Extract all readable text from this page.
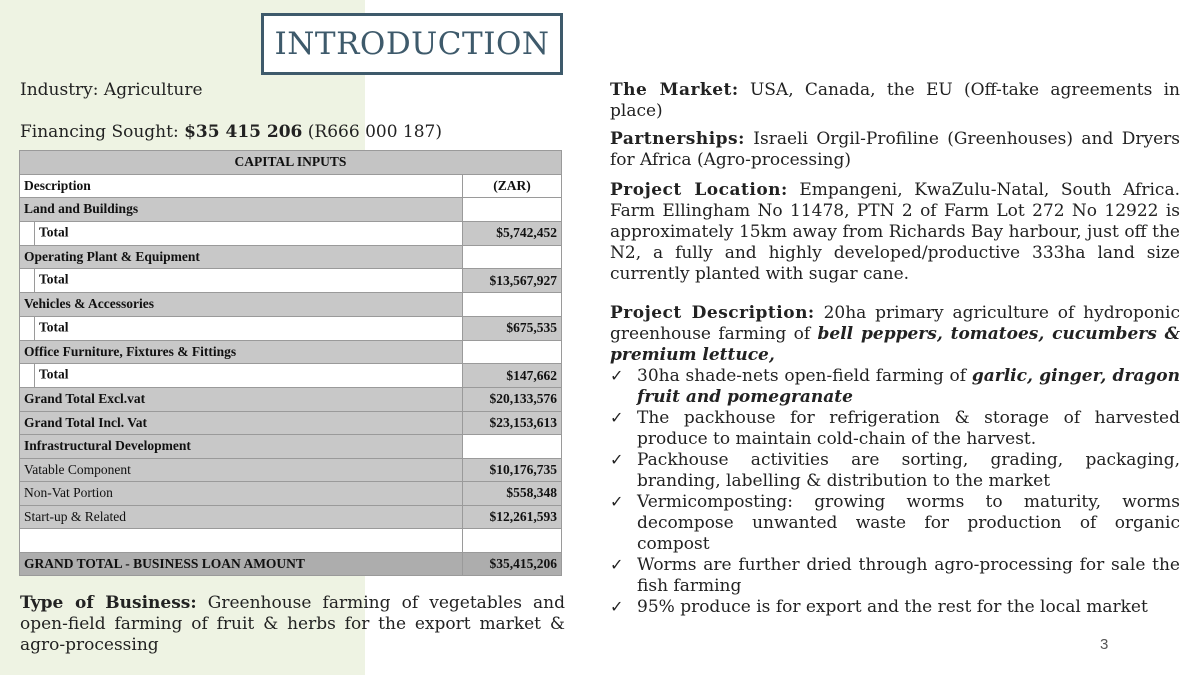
INTRODUCTION
Industry: Agriculture
Financing Sought: $35 415 206 (R666 000 187)
CAPITAL INPUTS	
Description	(ZAR)
Land and Buildings	
Total	$5,742,452
Operating Plant & Equipment	
Total	$13,567,927
Vehicles & Accessories	
Total	$675,535
Office Furniture, Fixtures & Fittings	
Total	$147,662
Grand Total Excl.vat	$20,133,576
Grand Total Incl. Vat	$23,153,613
Infrastructural Development	
Vatable Component	$10,176,735
Non-Vat Portion	$558,348
Start-up & Related	$12,261,593

GRAND TOTAL - BUSINESS LOAN AMOUNT	$35,415,206
Type of Business: Greenhouse farming of vegetables and open-field farming of fruit & herbs for the export market & agro-processing
The Market: USA, Canada, the EU (Off-take agreements in place)
Partnerships: Israeli Orgil-Profiline (Greenhouses) and Dryers for Africa (Agro-processing)
Project Location: Empangeni, KwaZulu-Natal, South Africa. Farm Ellingham No 11478, PTN 2 of Farm Lot 272 No 12922 is approximately 15km away from Richards Bay harbour, just off the N2, a fully and highly developed/productive 333ha land size currently planted with sugar cane.
Project Description: 20ha primary agriculture of hydroponic greenhouse farming of bell peppers, tomatoes, cucumbers & premium lettuce,
✓ 30ha shade-nets open-field farming of garlic, ginger, dragon fruit and pomegranate
✓ The packhouse for refrigeration & storage of harvested produce to maintain cold-chain of the harvest.
✓ Packhouse activities are sorting, grading, packaging, branding, labelling & distribution to the market
✓ Vermicomposting: growing worms to maturity, worms decompose unwanted waste for production of organic compost
✓ Worms are further dried through agro-processing for sale the fish farming
✓ 95% produce is for export and the rest for the local market
3
